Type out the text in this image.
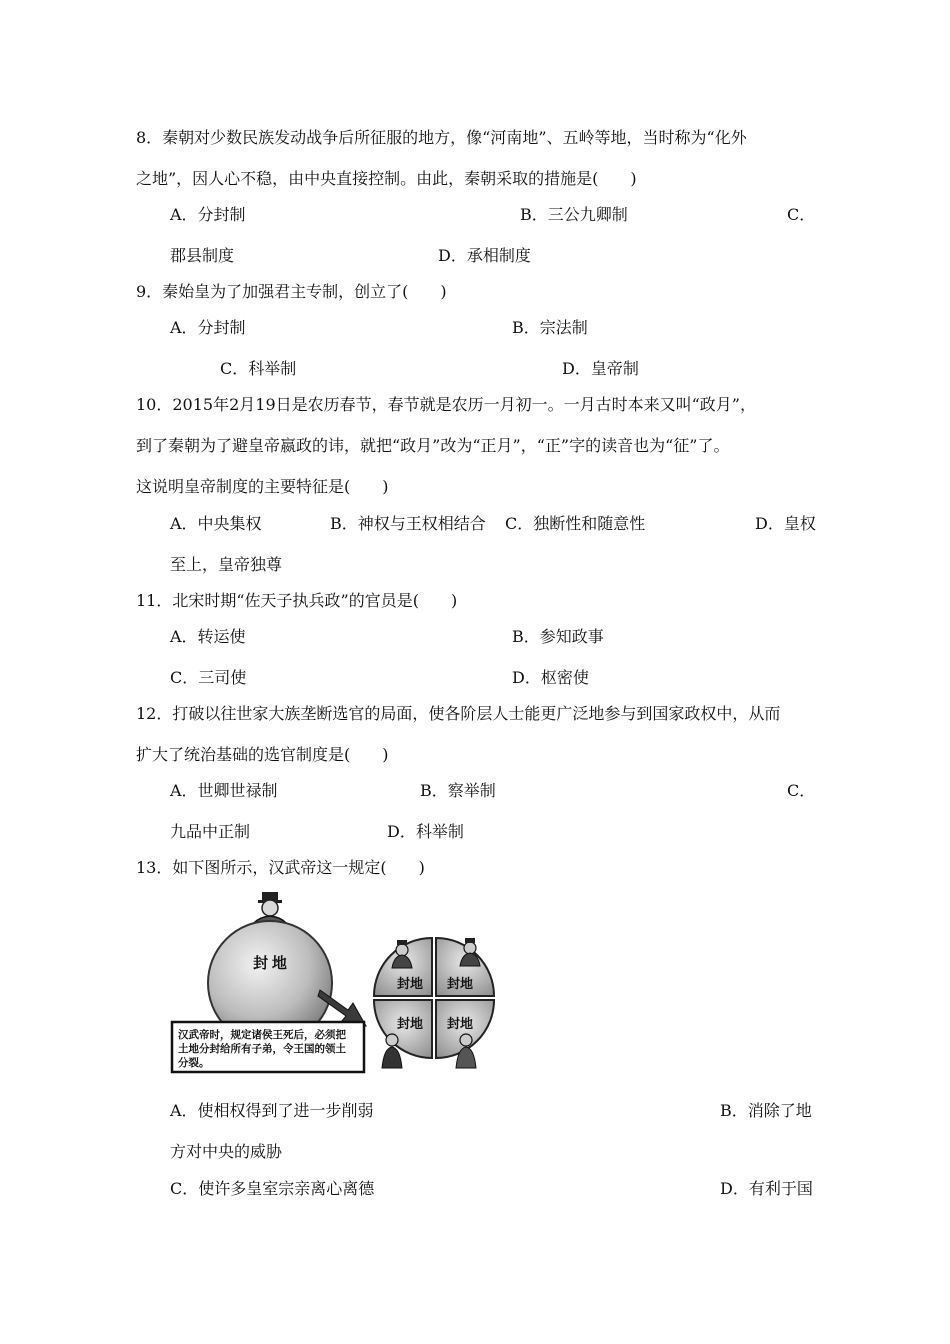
8．秦朝对少数民族发动战争后所征服的地方，像“河南地”、五岭等地，当时称为“化外
之地”，因人心不稳，由中央直接控制。由此，秦朝采取的措施是(　　)
A．分封制	B．三公九卿制	C．
郡县制度	D．承相制度
9．秦始皇为了加强君主专制，创立了(　　)
A．分封制	B．宗法制
C．科举制	D．皇帝制
10．2015年2月19日是农历春节，春节就是农历一月初一。一月古时本来又叫“政月”，
到了秦朝为了避皇帝嬴政的讳，就把“政月”改为“正月”，“正”字的读音也为“征”了。
这说明皇帝制度的主要特征是(　　)
A．中央集权	B．神权与王权相结合 C．独断性和随意性	D．皇权
至上，皇帝独尊
11．北宋时期“佐天子执兵政”的官员是(　　)
A．转运使	B．参知政事
C．三司使	D．枢密使
12．打破以往世家大族垄断选官的局面，使各阶层人士能更广泛地参与到国家政权中，从而
扩大了统治基础的选官制度是(　　)
A．世卿世禄制	B．察举制	C．
九品中正制	D．科举制
13．如下图所示，汉武帝这一规定(　　)
封 地
封地 封地
封地 封地
汉武帝时，规定诸侯王死后，必须把
土地分封给所有子弟，令王国的领土
分裂。
A．使相权得到了进一步削弱	B．消除了地
方对中央的威胁
C．使许多皇室宗亲离心离德	D．有利于国
